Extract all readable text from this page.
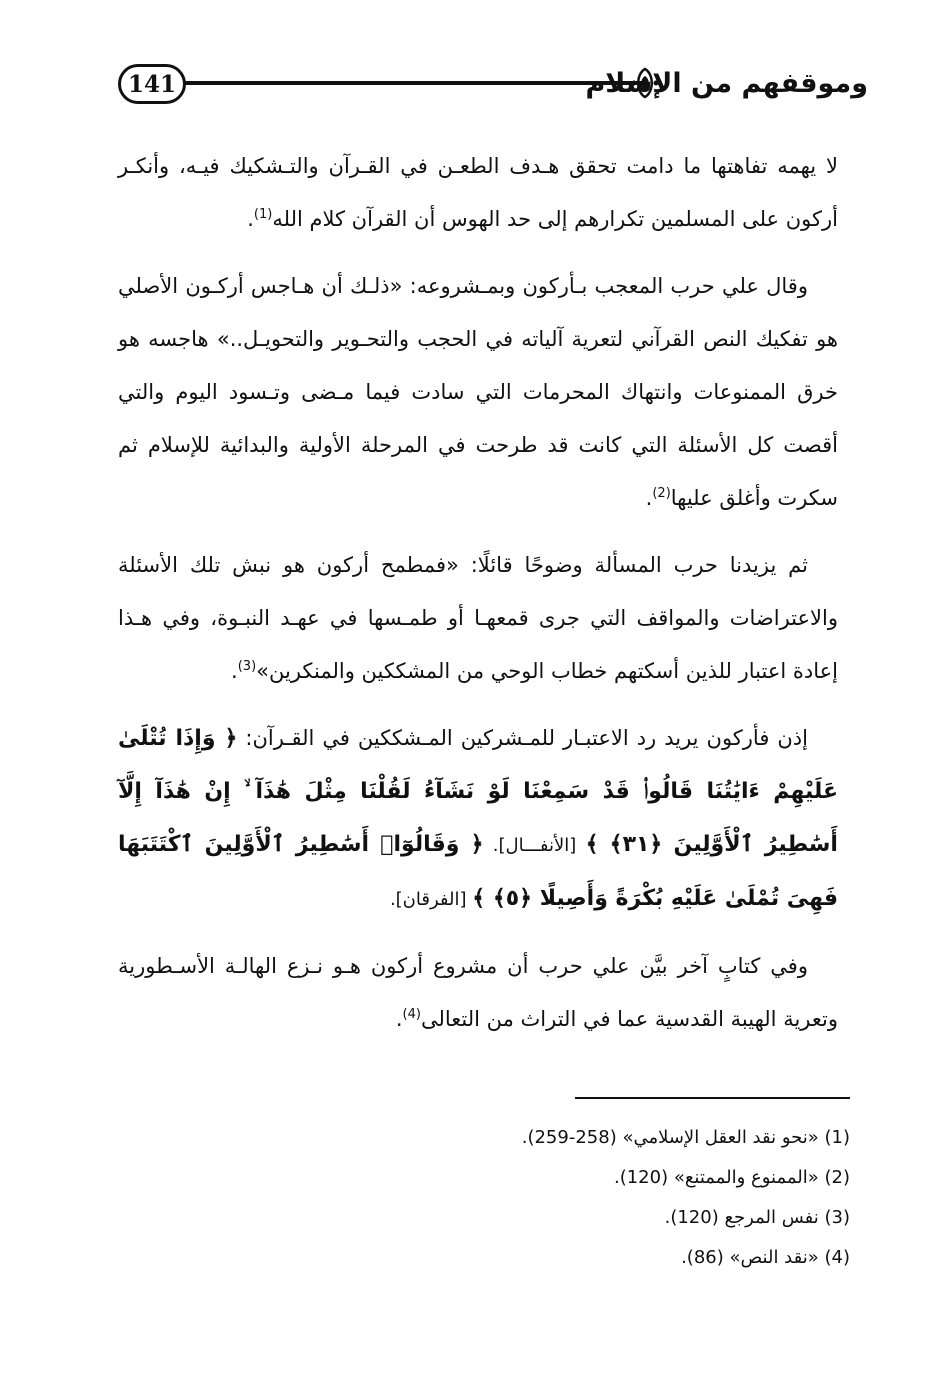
141	وموقفهم من الإسلام

لا يهمه تفاهتها ما دامت تحقق هـدف الطعـن في القـرآن والتـشكيك فيـه، وأنكـر أركون على المسلمين تكرارهم إلى حد الهوس أن القرآن كلام الله$^{(1)}$.

وقال علي حرب المعجب بـأركون وبمـشروعه: «ذلـك أن هـاجس أركـون الأصلي هو تفكيك النص القرآني لتعرية آلياته في الحجب والتحـوير والتحويـل..» هاجسه هو خرق الممنوعات وانتهاك المحرمات التي سادت فيما مـضى وتـسود اليوم والتي أقصت كل الأسئلة التي كانت قد طرحت في المرحلة الأولية والبدائية للإسلام ثم سكرت وأغلق عليها$^{(2)}$.

ثم يزيدنا حرب المسألة وضوحًا قائلًا: «فمطمح أركون هو نبش تلك الأسئلة والاعتراضات والمواقف التي جرى قمعهـا أو طمـسها في عهـد النبـوة، وفي هـذا إعادة اعتبار للذين أسكتهم خطاب الوحي من المشككين والمنكرين»$^{(3)}$.

إذن فأركون يريد رد الاعتبـار للمـشركين المـشككين في القـرآن: ﴿ وَإِذَا تُتْلَىٰ عَلَيْهِمْ ءَايَٰتُنَا قَالُوا۟ قَدْ سَمِعْنَا لَوْ نَشَآءُ لَقُلْنَا مِثْلَ هَٰذَآ ۙ إِنْ هَٰذَآ إِلَّآ أَسَٰطِيرُ ٱلْأَوَّلِينَ ﴿٣١﴾ ﴾ [الأنفـــال]. ﴿ وَقَالُوٓا۟ أَسَٰطِيرُ ٱلْأَوَّلِينَ ٱكْتَتَبَهَا فَهِىَ تُمْلَىٰ عَلَيْهِ بُكْرَةً وَأَصِيلًا ﴿٥﴾ ﴾ [الفرقان].

وفي كتابٍ آخر بيَّن علي حرب أن مشروع أركون هـو نـزع الهالـة الأسـطورية وتعرية الهيبة القدسية عما في التراث من التعالى$^{(4)}$.

(1) «نحو نقد العقل الإسلامي» (258-259).

(2) «الممنوع والممتنع» (120).

(3) نفس المرجع (120).

(4) «نقد النص» (86).
